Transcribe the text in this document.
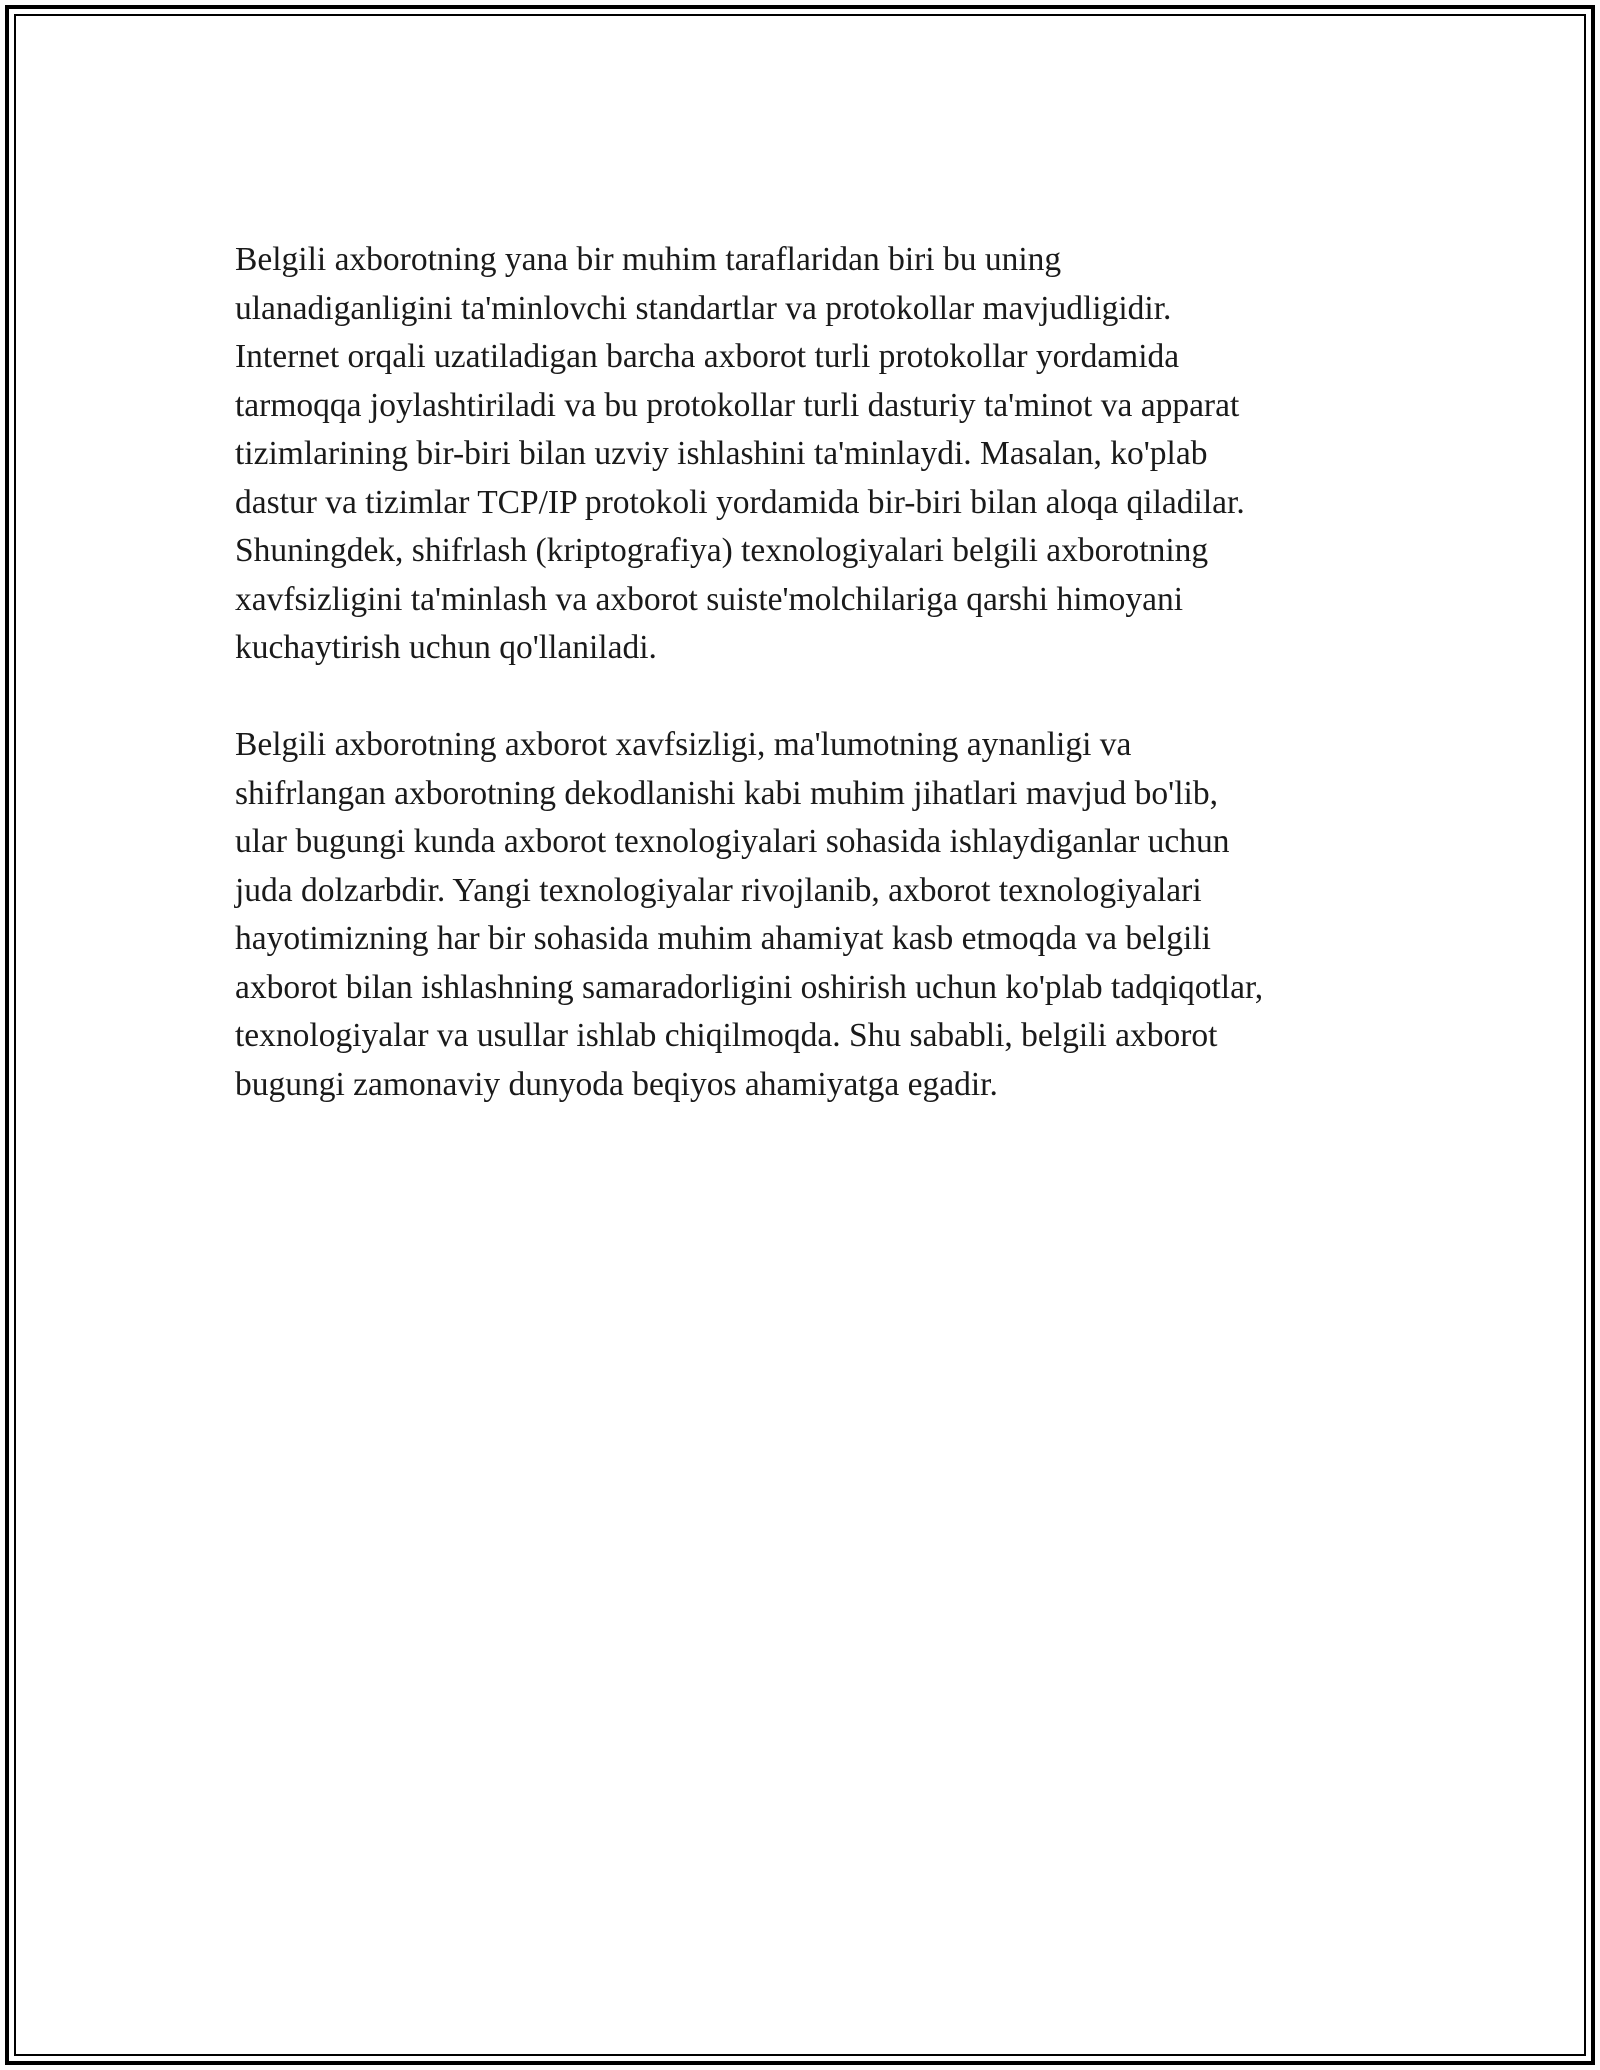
Belgili axborotning yana bir muhim taraflaridan biri bu uning
ulanadiganligini ta'minlovchi standartlar va protokollar mavjudligidir.
Internet orqali uzatiladigan barcha axborot turli protokollar yordamida
tarmoqqa joylashtiriladi va bu protokollar turli dasturiy ta'minot va apparat
tizimlarining bir-biri bilan uzviy ishlashini ta'minlaydi. Masalan, ko'plab
dastur va tizimlar TCP/IP protokoli yordamida bir-biri bilan aloqa qiladilar.
Shuningdek, shifrlash (kriptografiya) texnologiyalari belgili axborotning
xavfsizligini ta'minlash va axborot suiste'molchilariga qarshi himoyani
kuchaytirish uchun qo'llaniladi.

Belgili axborotning axborot xavfsizligi, ma'lumotning aynanligi va
shifrlangan axborotning dekodlanishi kabi muhim jihatlari mavjud bo'lib,
ular bugungi kunda axborot texnologiyalari sohasida ishlaydiganlar uchun
juda dolzarbdir. Yangi texnologiyalar rivojlanib, axborot texnologiyalari
hayotimizning har bir sohasida muhim ahamiyat kasb etmoqda va belgili
axborot bilan ishlashning samaradorligini oshirish uchun ko'plab tadqiqotlar,
texnologiyalar va usullar ishlab chiqilmoqda. Shu sababli, belgili axborot
bugungi zamonaviy dunyoda beqiyos ahamiyatga egadir.
